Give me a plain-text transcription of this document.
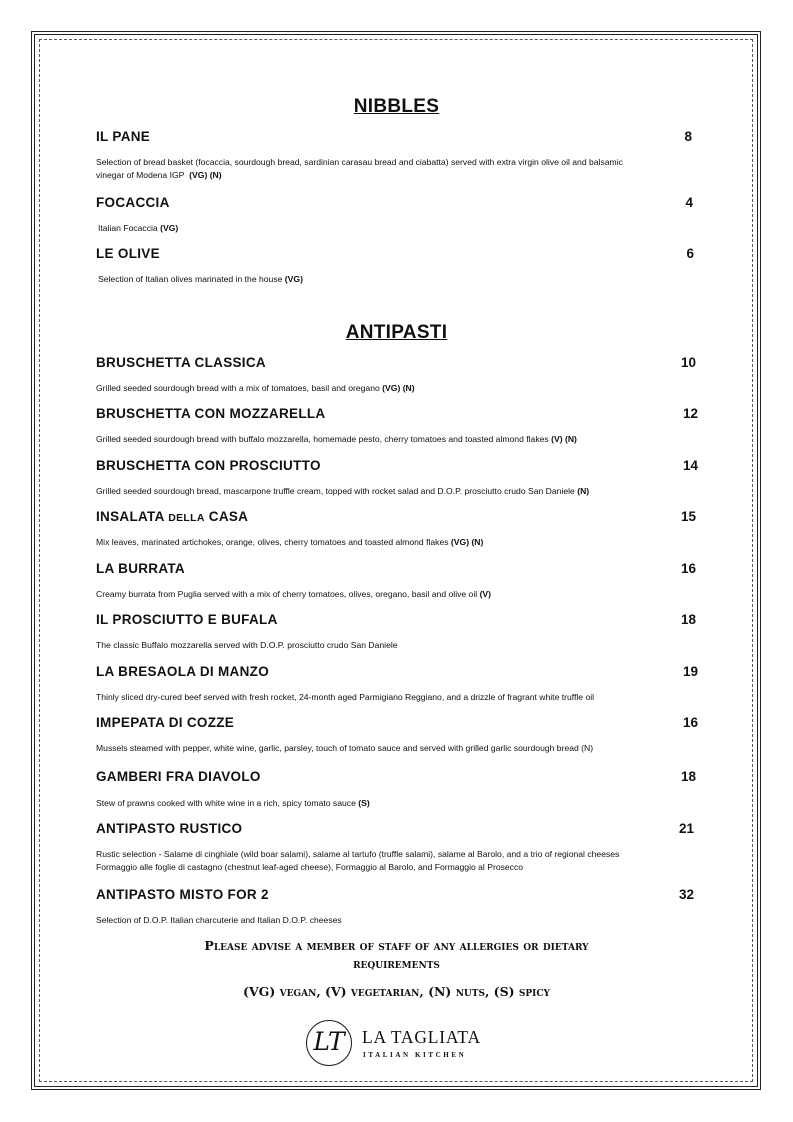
NIBBLES
IL PANE	8
Selection of bread basket (focaccia, sourdough bread, sardinian carasau bread and ciabatta) served with extra virgin olive oil and balsamic
vinegar of Modena IGP (VG) (N)
FOCACCIA	4
Italian Focaccia (VG)
LE OLIVE	6
Selection of Italian olives marinated in the house (VG)
ANTIPASTI
BRUSCHETTA CLASSICA	10
Grilled seeded sourdough bread with a mix of tomatoes, basil and oregano (VG) (N)
BRUSCHETTA CON MOZZARELLA	12
Grilled seeded sourdough bread with buffalo mozzarella, homemade pesto, cherry tomatoes and toasted almond flakes (V) (N)
BRUSCHETTA CON PROSCIUTTO	14
Grilled seeded sourdough bread, mascarpone truffle cream, topped with rocket salad and D.O.P. prosciutto crudo San Daniele (N)
INSALATA DELLA CASA	15
Mix leaves, marinated artichokes, orange, olives, cherry tomatoes and toasted almond flakes (VG) (N)
LA BURRATA	16
Creamy burrata from Puglia served with a mix of cherry tomatoes, olives, oregano, basil and olive oil (V)
IL PROSCIUTTO E BUFALA	18
The classic Buffalo mozzarella served with D.O.P. prosciutto crudo San Daniele
LA BRESAOLA DI MANZO	19
Thinly sliced dry-cured beef served with fresh rocket, 24-month aged Parmigiano Reggiano, and a drizzle of fragrant white truffle oil
IMPEPATA DI COZZE	16
Mussels steamed with pepper, white wine, garlic, parsley, touch of tomato sauce and served with grilled garlic sourdough bread (N)
GAMBERI FRA DIAVOLO	18
Stew of prawns cooked with white wine in a rich, spicy tomato sauce (S)
ANTIPASTO RUSTICO	21
Rustic selection - Salame di cinghiale (wild boar salami), salame al tartufo (truffle salami), salame al Barolo, and a trio of regional cheeses
Formaggio alle foglie di castagno (chestnut leaf-aged cheese), Formaggio al Barolo, and Formaggio al Prosecco
ANTIPASTO MISTO FOR 2	32
Selection of D.O.P. Italian charcuterie and Italian D.O.P. cheeses
Please advise a member of staff of any allergies or dietary
requirements
(VG) vegan, (V) vegetarian, (N) nuts, (S) spicy
LT LA TAGLIATA
ITALIAN KITCHEN
